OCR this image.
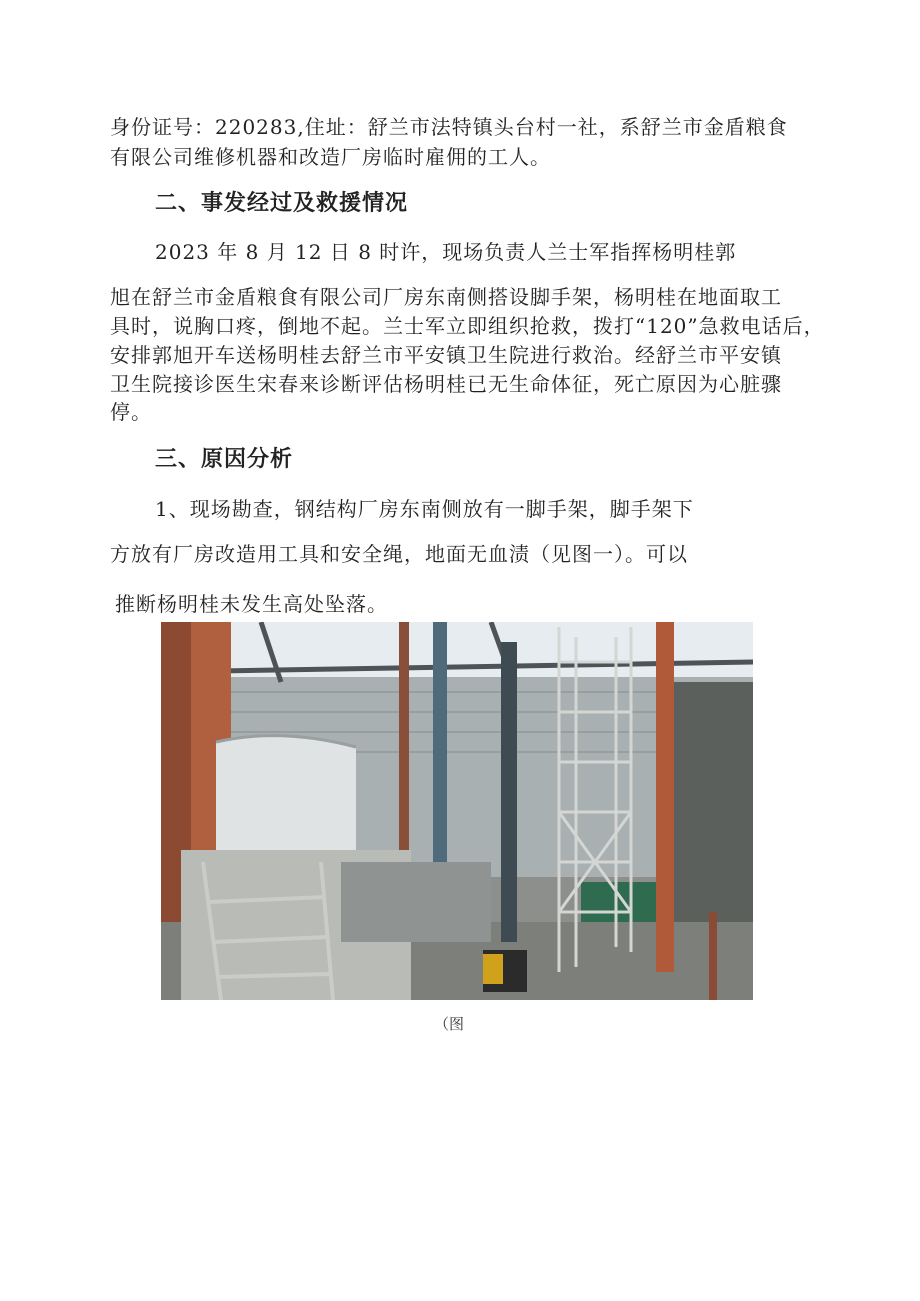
身份证号：220283,住址：舒兰市法特镇头台村一社，系舒兰市金盾粮食
有限公司维修机器和改造厂房临时雇佣的工人。
二、事发经过及救援情况
2023 年 8 月 12 日 8 时许，现场负责人兰士军指挥杨明桂郭
旭在舒兰市金盾粮食有限公司厂房东南侧搭设脚手架，杨明桂在地面取工
具时，说胸口疼，倒地不起。兰士军立即组织抢救，拨打“120”急救电话后，
安排郭旭开车送杨明桂去舒兰市平安镇卫生院进行救治。经舒兰市平安镇
卫生院接诊医生宋春来诊断评估杨明桂已无生命体征，死亡原因为心脏骤
停。
三、原因分析
1、现场勘查，钢结构厂房东南侧放有一脚手架，脚手架下
方放有厂房改造用工具和安全绳，地面无血渍（见图一）。可以
推断杨明桂未发生高处坠落。
（图
